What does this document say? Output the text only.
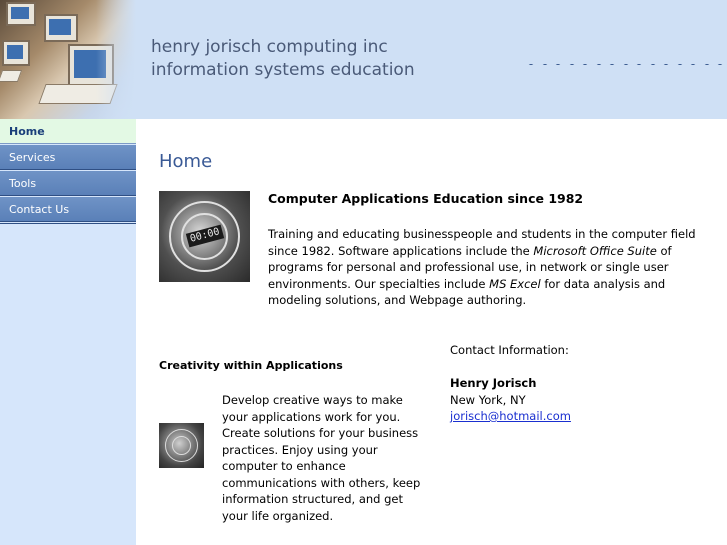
henry jorisch computing inc
information systems education
Home
Services
Tools
Contact Us
Home
00:00
Computer Applications Education since 1982
Training and educating businesspeople and students in the computer field since 1982. Software applications include the Microsoft Office Suite of programs for personal and professional use, in network or single user environments. Our specialties include MS Excel for data analysis and modeling solutions, and Webpage authoring.
Creativity within Applications
Develop creative ways to make your applications work for you. Create solutions for your business practices. Enjoy using your computer to enhance communications with others, keep information structured, and get your life organized.
Contact Information:
Henry Jorisch
New York, NY
jorisch@hotmail.com
